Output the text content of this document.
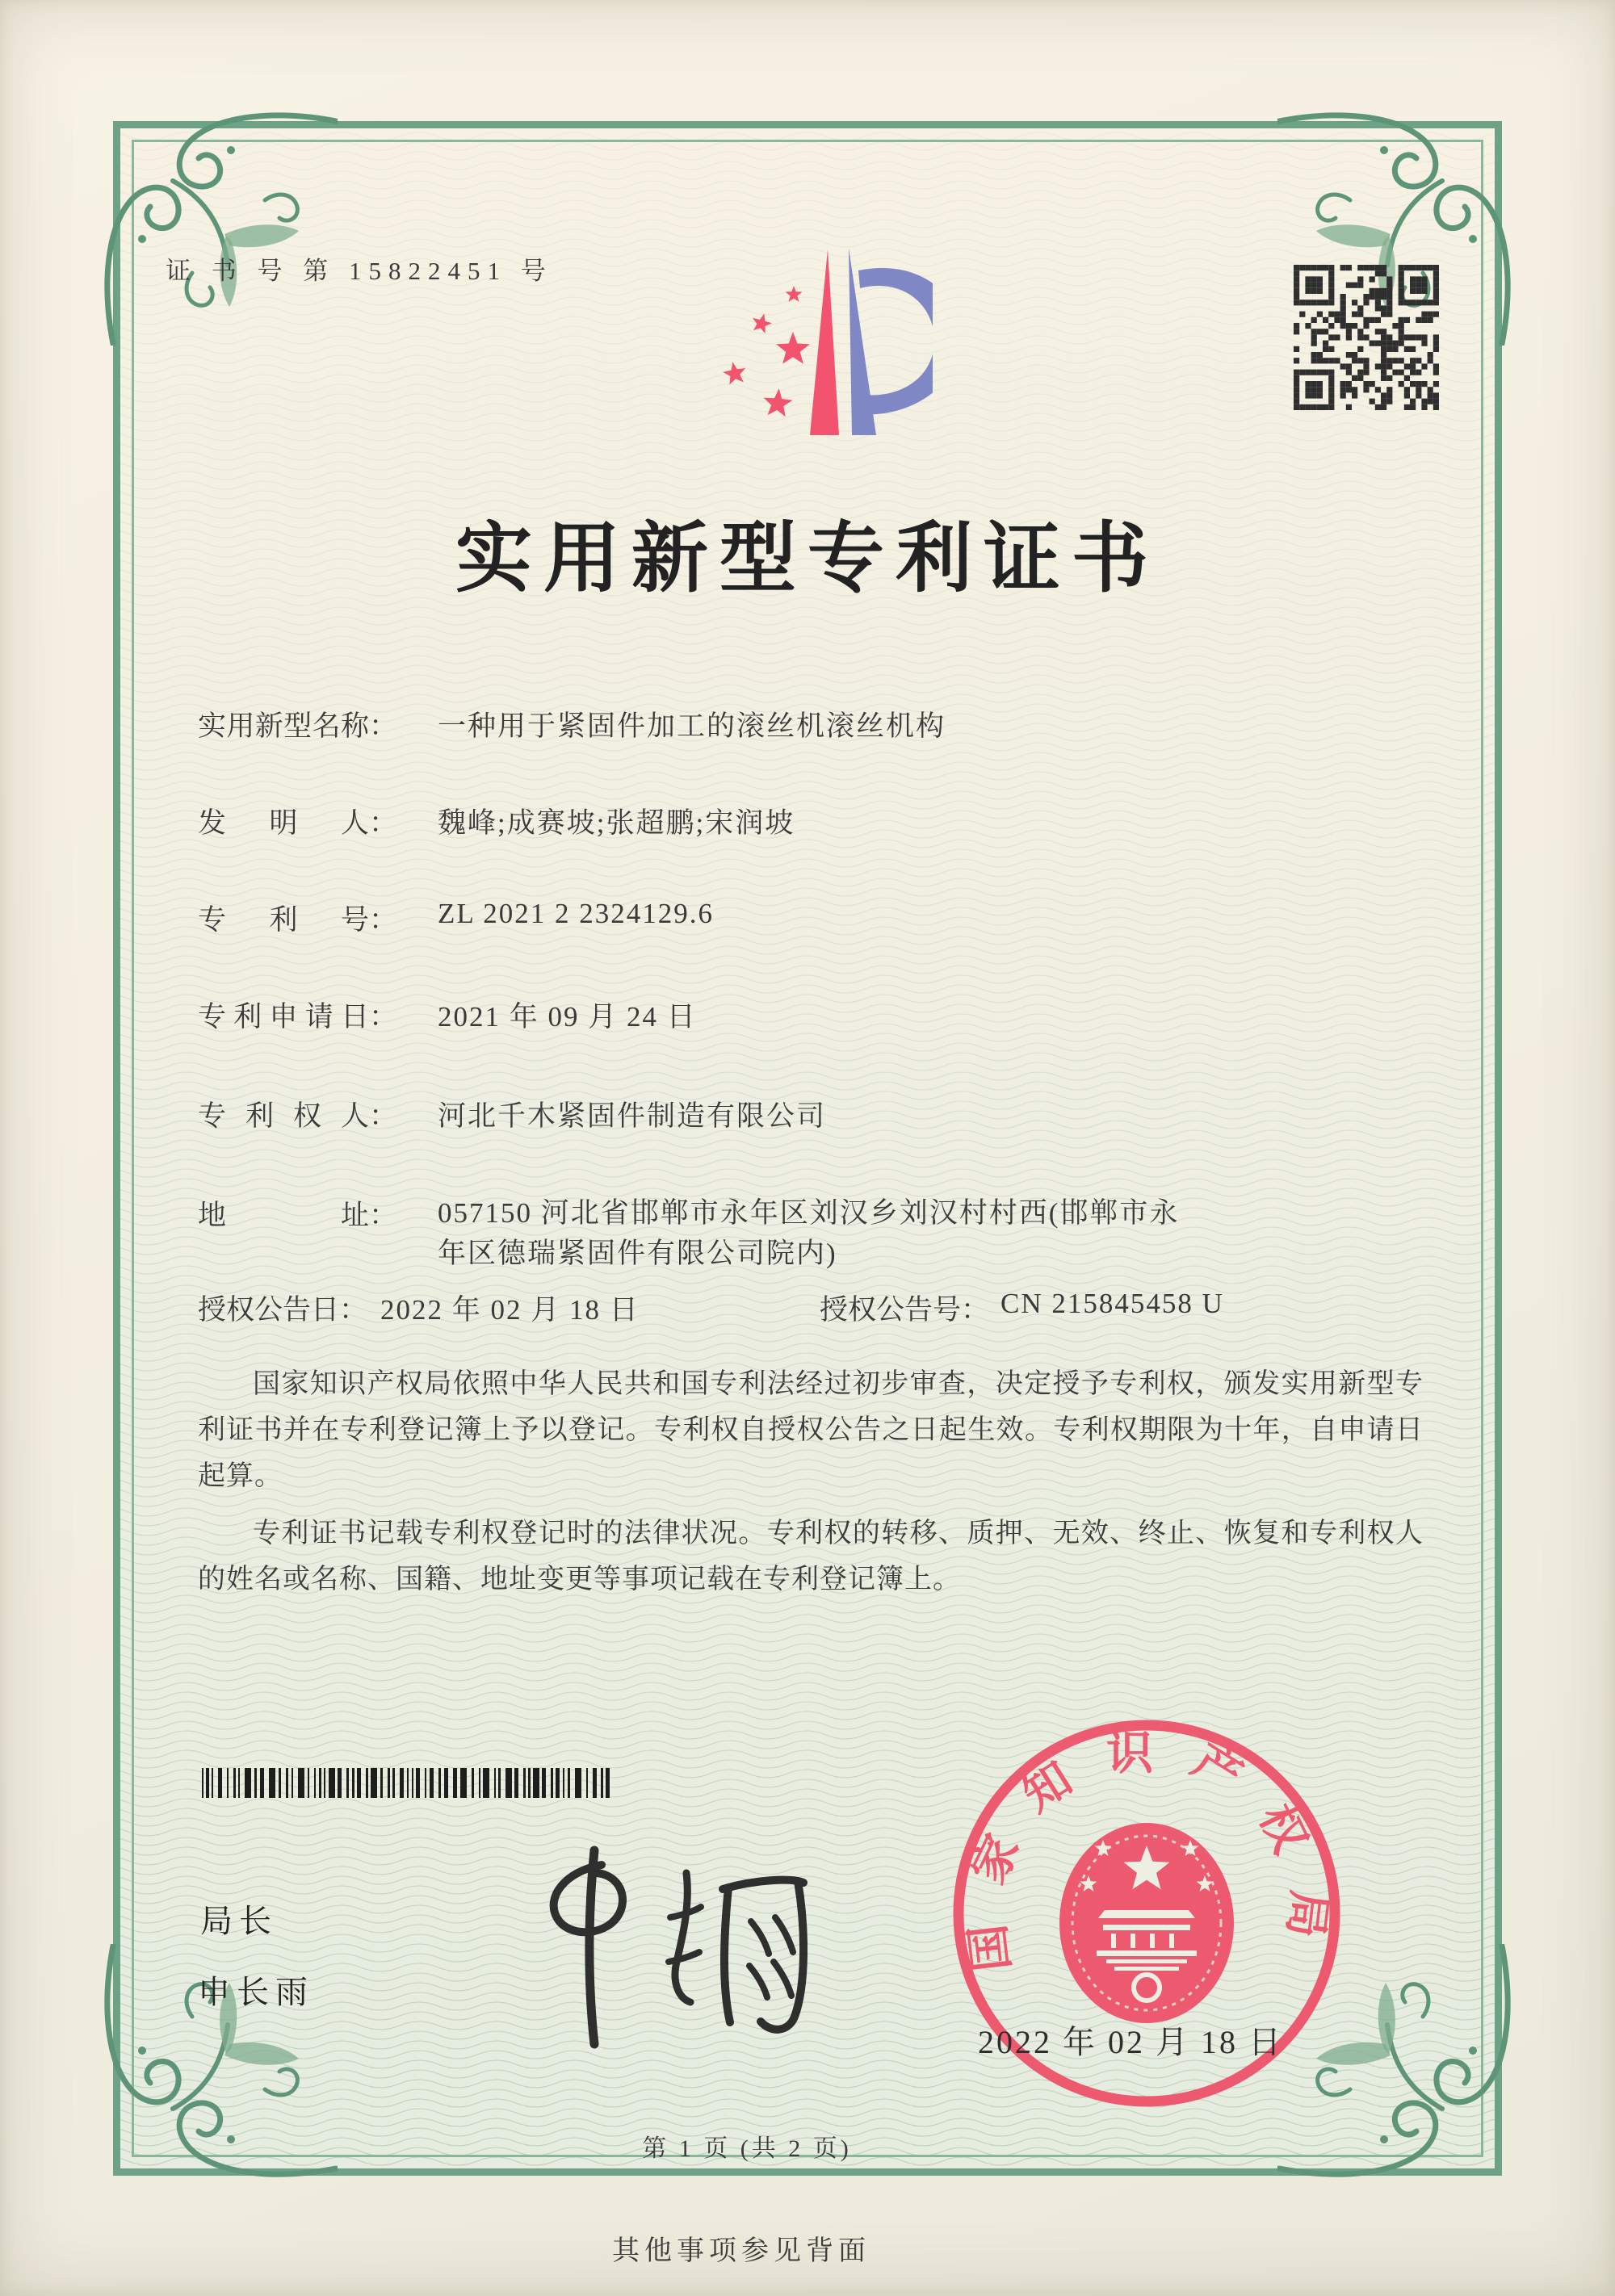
证 书 号 第 15822451 号
实用新型专利证书
实 用 新 型 名 称 ： 一种用于紧固件加工的滚丝机滚丝机构
发 明 人 ： 魏峰;成赛坡;张超鹏;宋润坡
专 利 号 ： ZL 2021 2 2324129.6
专 利 申 请 日 ： 2021 年 09 月 24 日
专 利 权 人 ： 河北千木紧固件制造有限公司
地	址 ： 057150 河北省邯郸市永年区刘汉乡刘汉村村西(邯郸市永
年区德瑞紧固件有限公司院内)
授权公告日 ： 2022 年 02 月 18 日	授权公告号 ： CN 215845458 U

国家知识产权局依照中华人民共和国专利法经过初步审查，决定授予专利权，颁发实用新型专利证书并在专利登记簿上予以登记。专利权自授权公告之日起生效。专利权期限为十年，自申请日起算。

专利证书记载专利权登记时的法律状况。专利权的转移、质押、无效、终止、恢复和专利权人的姓名或名称、国籍、地址变更等事项记载在专利登记簿上。

局长
申长雨
国家知识产权局
2022 年 02 月 18 日
第 1 页 (共 2 页)
其他事项参见背面
